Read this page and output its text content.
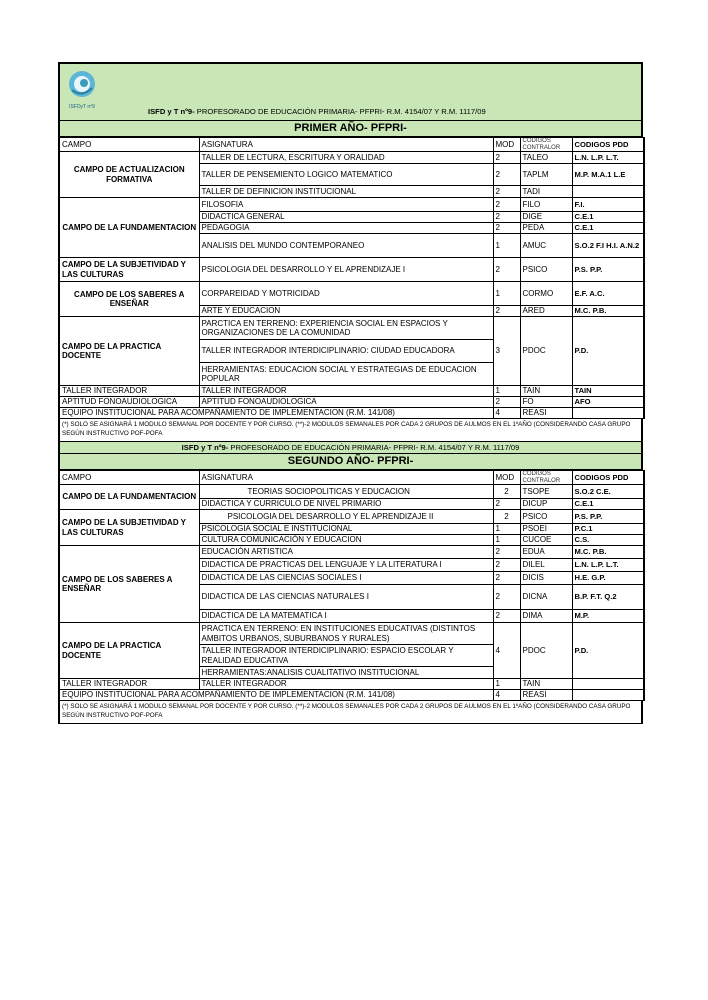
ISFDyT nº9	ISFD y T nº9- PROFESORADO DE EDUCACIÓN PRIMARIA- PFPRI- R.M. 4154/07 Y R.M. 1117/09
PRIMER AÑO- PFPRI-
CAMPO	ASIGNATURA	MOD	CODIGOS CONTRALOR	CODIGOS PDD
CAMPO DE ACTUALIZACION FORMATIVA	TALLER DE LECTURA, ESCRITURA Y ORALIDAD	2	TALEO	L.N. L.P. L.T.
	TALLER DE PENSEMIENTO LOGICO MATEMATICO	2	TAPLM	M.P. M.A.1 L.E
	TALLER DE DEFINICION INSTITUCIONAL	2	TADI	
CAMPO DE LA FUNDAMENTACION	FILOSOFIA	2	FILO	F.I.
	DIDACTICA GENERAL	2	DIGE	C.E.1
	PEDAGOGIA	2	PEDA	C.E.1
	ANALISIS DEL MUNDO CONTEMPORANEO	1	AMUC	S.O.2 F.I H.I. A.N.2
CAMPO DE LA SUBJETIVIDAD Y LAS CULTURAS	PSICOLOGIA DEL DESARROLLO Y EL APRENDIZAJE I	2	PSICO	P.S. P.P.
CAMPO DE LOS SABERES A ENSEÑAR	CORPAREIDAD Y MOTRICIDAD	1	CORMO	E.F. A.C.
	ARTE Y EDUCACION	2	ARED	M.C. P.B.
CAMPO DE LA PRACTICA DOCENTE	PARCTICA EN TERRENO: EXPERIENCIA SOCIAL EN ESPACIOS Y ORGANIZACIONES DE LA COMUNIDAD	3	PDOC	P.D.
	TALLER INTEGRADOR INTERDICIPLINARIO: CIUDAD EDUCADORA			
	HERRAMIENTAS: EDUCACION SOCIAL Y ESTRATEGIAS DE EDUCACION POPULAR			
TALLER INTEGRADOR	TALLER INTEGRADOR	1	TAIN	TAIN
APTITUD FONOAUDIOLOGICA	APTITUD FONOAUDIOLOGICA	2	FO	AFO
EQUIPO INSTITUCIONAL PARA ACOMPAÑAMIENTO DE IMPLEMENTACION (R.M. 141/08)		4	REASI	
(*) SOLO SE ASIGNARÁ 1 MODULO SEMANAL POR DOCENTE Y POR CURSO. (**)-2 MODULOS SEMANALES POR CADA 2 GRUPOS DE AULMOS EN EL 1ºAÑO (CONSIDERANDO CASA GRUPO SEGÚN INSTRUCTIVO POF-POFA
ISFD y T nº9- PROFESORADO DE EDUCACIÓN PRIMARIA- PFPRI- R.M. 4154/07 Y R.M. 1117/09
SEGUNDO AÑO- PFPRI-
CAMPO	ASIGNATURA	MOD	CODIGOS CONTRALOR	CODIGOS PDD
CAMPO DE LA FUNDAMENTACION	TEORIAS SOCIOPOLITICAS Y EDUCACION	2	TSOPE	S.O.2 C.E.
	DIDACTICA Y CURRICULO DE NIVEL PRIMARIO	2	DICUP	C.E.1
CAMPO DE LA SUBJETIVIDAD Y LAS CULTURAS	PSICOLOGIA DEL DESARROLLO Y EL APRENDIZAJE II	2	PSICO	P.S. P.P.
	PSICOLOGIA SOCIAL E INSTITUCIONAL	1	PSOEI	P.C.1
	CULTURA COMUNICACIÓN Y EDUCACION	1	CUCOE	C.S.
CAMPO DE LOS SABERES A ENSEÑAR	EDUCACIÓN ARTISTICA	2	EDUA	M.C. P.B.
	DIDACTICA DE PRACTICAS DEL LENGUAJE Y LA LITERATURA I	2	DILEL	L.N. L.P. L.T.
	DIDACTICA DE LAS CIENCIAS SOCIALES I	2	DICIS	H.E. G.P.
	DIDACTICA DE LAS CIENCIAS NATURALES I	2	DICNA	B.P. F.T. Q.2
	DIDACTICA DE LA MATEMATICA I	2	DIMA	M.P.
CAMPO DE LA PRACTICA DOCENTE	PRACTICA EN TERRENO: EN INSTITUCIONES EDUCATIVAS (DISTINTOS AMBITOS URBANOS, SUBURBANOS Y RURALES)	4	PDOC	P.D.
	TALLER INTEGRADOR INTERDICIPLINARIO: ESPACIO ESCOLAR Y REALIDAD EDUCATIVA			
	HERRAMIENTAS:ANALISIS CUALITATIVO INSTITUCIONAL			
TALLER INTEGRADOR	TALLER INTEGRADOR	1	TAIN	
EQUIPO INSTITUCIONAL PARA ACOMPAÑAMIENTO DE IMPLEMENTACION (R.M. 141/08)		4	REASI	
(*) SOLO SE ASIGNARÁ 1 MODULO SEMANAL POR DOCENTE Y POR CURSO. (**)-2 MODULOS SEMANALES POR CADA 2 GRUPOS DE AULMOS EN EL 1ºAÑO (CONSIDERANDO CASA GRUPO SEGÚN INSTRUCTIVO POF-POFA
